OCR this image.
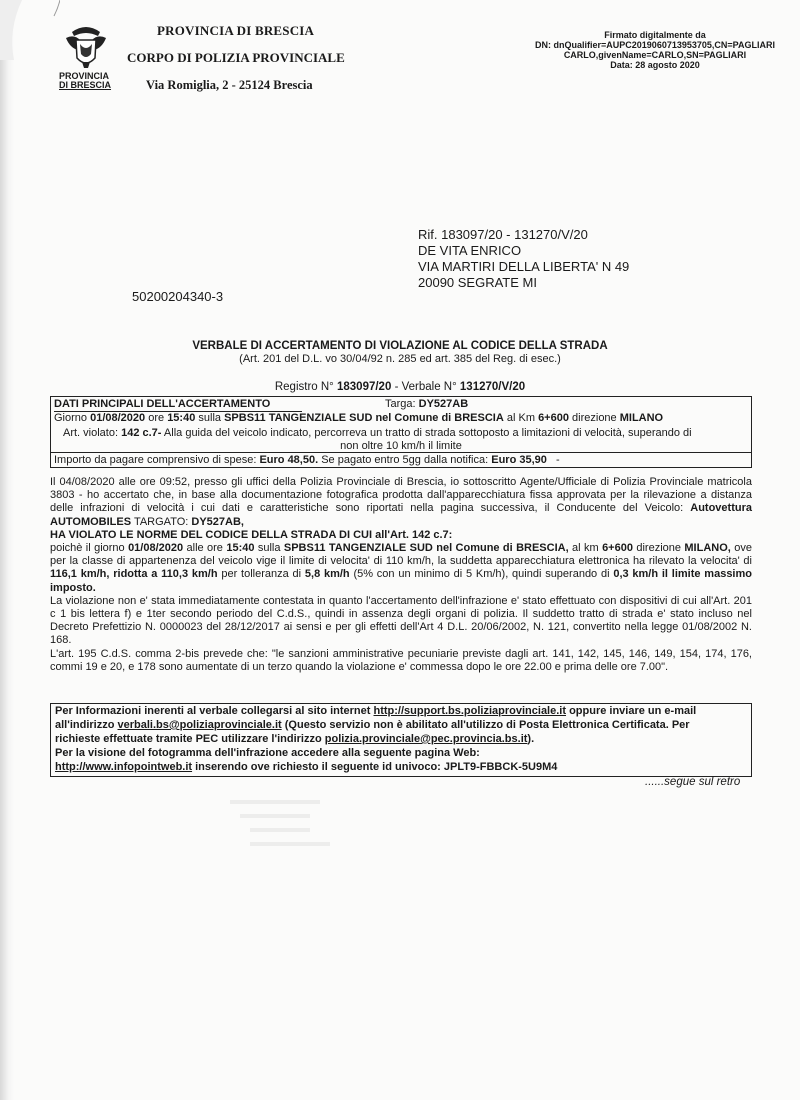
PROVINCIA
DI BRESCIA
PROVINCIA DI BRESCIA
CORPO DI POLIZIA PROVINCIALE
Via Romiglia, 2 - 25124 Brescia
Firmato digitalmente da
DN: dnQualifier=AUPC2019060713953705,CN=PAGLIARI
CARLO,givenName=CARLO,SN=PAGLIARI
Data: 28 agosto 2020
Rif. 183097/20 - 131270/V/20
DE VITA ENRICO
VIA MARTIRI DELLA LIBERTA' N 49
20090 SEGRATE MI
50200204340-3
VERBALE DI ACCERTAMENTO DI VIOLAZIONE AL CODICE DELLA STRADA
(Art. 201 del D.L. vo 30/04/92 n. 285 ed art. 385 del Reg. di esec.)
Registro N° 183097/20 - Verbale N° 131270/V/20
DATI PRINCIPALI DELL'ACCERTAMENTO	Targa: DY527AB
Giorno 01/08/2020 ore 15:40 sulla SPBS11 TANGENZIALE SUD nel Comune di BRESCIA al Km 6+600 direzione MILANO
Art. violato: 142 c.7- Alla guida del veicolo indicato, percorreva un tratto di strada sottoposto a limitazioni di velocità, superando di
non oltre 10 km/h il limite
Importo da pagare comprensivo di spese: Euro 48,50. Se pagato entro 5gg dalla notifica: Euro 35,90 -

Il 04/08/2020 alle ore 09:52, presso gli uffici della Polizia Provinciale di Brescia, io sottoscritto Agente/Ufficiale di Polizia Provinciale matricola 3803 - ho accertato che, in base alla documentazione fotografica prodotta dall'apparecchiatura fissa approvata per la rilevazione a distanza delle infrazioni di velocità i cui dati e caratteristiche sono riportati nella pagina successiva, il Conducente del Veicolo: Autovettura AUTOMOBILES TARGATO: DY527AB,

HA VIOLATO LE NORME DEL CODICE DELLA STRADA DI CUI all'Art. 142 c.7:

poichè il giorno 01/08/2020 alle ore 15:40 sulla SPBS11 TANGENZIALE SUD nel Comune di BRESCIA, al km 6+600 direzione MILANO, ove per la classe di appartenenza del veicolo vige il limite di velocita' di 110 km/h, la suddetta apparecchiatura elettronica ha rilevato la velocita' di 116,1 km/h, ridotta a 110,3 km/h per tolleranza di 5,8 km/h (5% con un minimo di 5 Km/h), quindi superando di 0,3 km/h il limite massimo imposto.

La violazione non e' stata immediatamente contestata in quanto l'accertamento dell'infrazione e' stato effettuato con dispositivi di cui all'Art. 201 c 1 bis lettera f) e 1ter secondo periodo del C.d.S., quindi in assenza degli organi di polizia. Il suddetto tratto di strada e' stato incluso nel Decreto Prefettizio N. 0000023 del 28/12/2017 ai sensi e per gli effetti dell'Art 4 D.L. 20/06/2002, N. 121, convertito nella legge 01/08/2002 N. 168.

L'art. 195 C.d.S. comma 2-bis prevede che: "le sanzioni amministrative pecuniarie previste dagli art. 141, 142, 145, 146, 149, 154, 174, 176, commi 19 e 20, e 178 sono aumentate di un terzo quando la violazione e' commessa dopo le ore 22.00 e prima delle ore 7.00".

Per Informazioni inerenti al verbale collegarsi al sito internet http://support.bs.poliziaprovinciale.it oppure inviare un e-mail

all'indirizzo verbali.bs@poliziaprovinciale.it (Questo servizio non è abilitato all'utilizzo di Posta Elettronica Certificata. Per

richieste effettuate tramite PEC utilizzare l'indirizzo polizia.provinciale@pec.provincia.bs.it).

Per la visione del fotogramma dell'infrazione accedere alla seguente pagina Web:

http://www.infopointweb.it inserendo ove richiesto il seguente id univoco: JPLT9-FBBCK-5U9M4

......segue sul retro
